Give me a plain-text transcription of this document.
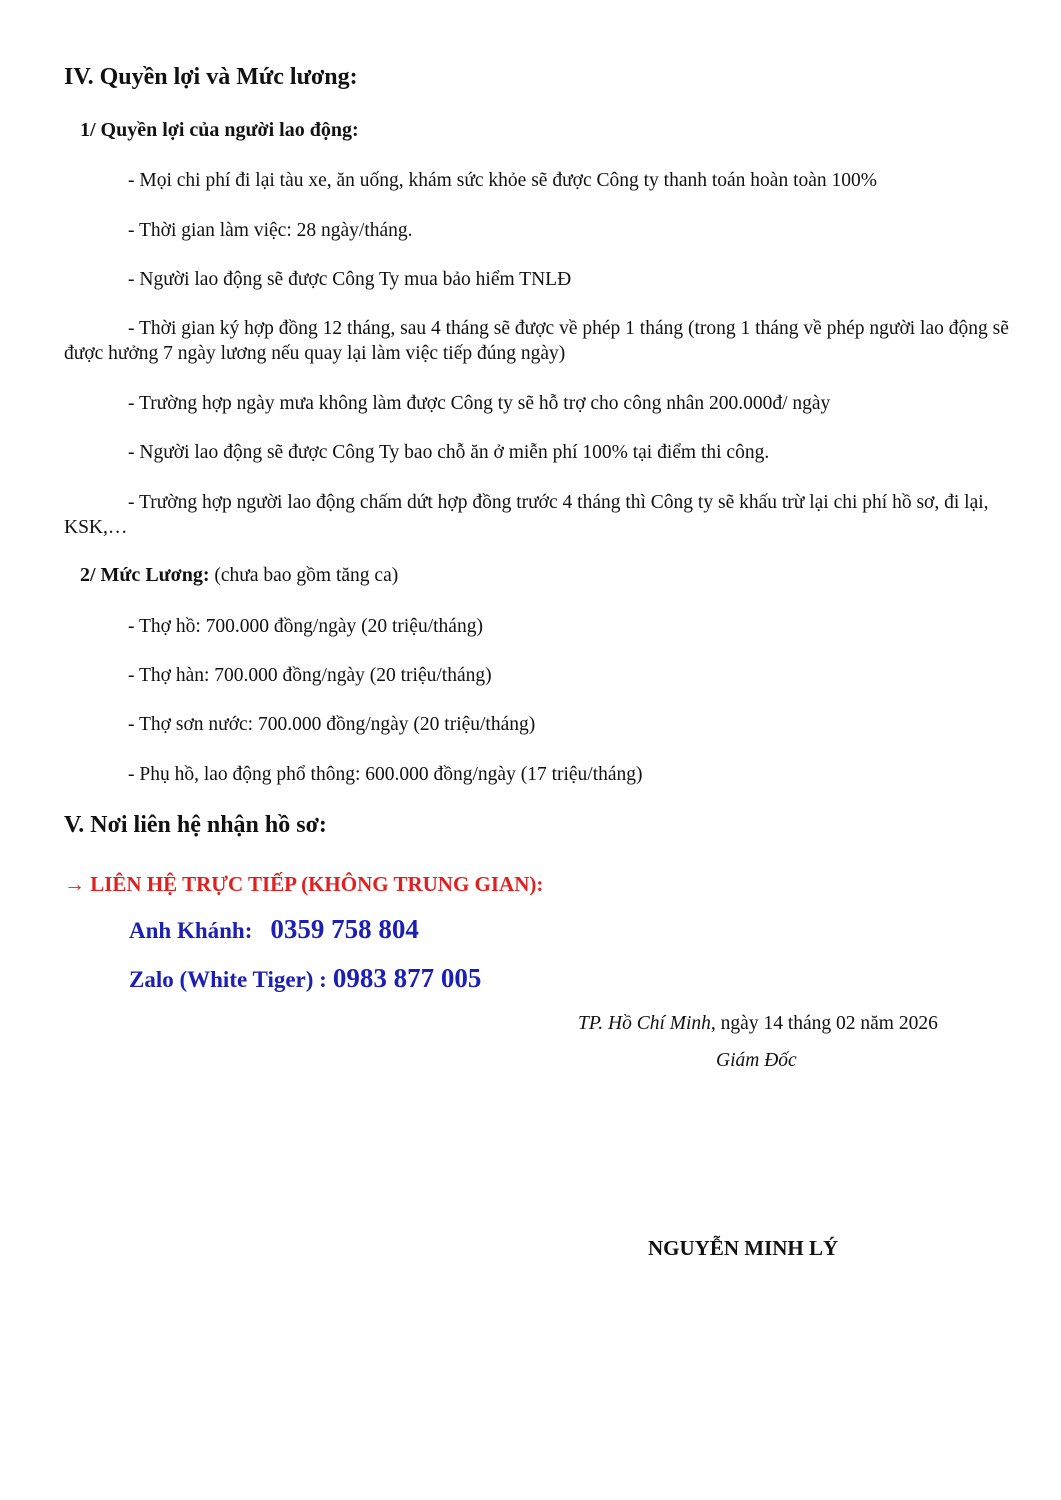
IV. Quyền lợi và Mức lương:
1/ Quyền lợi của người lao động:
- Mọi chi phí đi lại tàu xe, ăn uống, khám sức khỏe sẽ được Công ty thanh toán hoàn toàn 100%
- Thời gian làm việc: 28 ngày/tháng.
- Người lao động sẽ được Công Ty mua bảo hiểm TNLĐ
- Thời gian ký hợp đồng 12 tháng, sau 4 tháng sẽ được về phép 1 tháng (trong 1 tháng về phép người lao động sẽ được hưởng 7 ngày lương nếu quay lại làm việc tiếp đúng ngày)
- Trường hợp ngày mưa không làm được Công ty sẽ hỗ trợ cho công nhân 200.000đ/ ngày
- Người lao động sẽ được Công Ty bao chỗ ăn ở miễn phí 100% tại điểm thi công.
- Trường hợp người lao động chấm dứt hợp đồng trước 4 tháng thì Công ty sẽ khấu trừ lại chi phí hồ sơ, đi lại, KSK,…
2/ Mức Lương: (chưa bao gồm tăng ca)
- Thợ hồ: 700.000 đồng/ngày (20 triệu/tháng)
- Thợ hàn: 700.000 đồng/ngày (20 triệu/tháng)
- Thợ sơn nước: 700.000 đồng/ngày (20 triệu/tháng)
- Phụ hồ, lao động phổ thông: 600.000 đồng/ngày (17 triệu/tháng)
V. Nơi liên hệ nhận hồ sơ:
→ LIÊN HỆ TRỰC TIẾP (KHÔNG TRUNG GIAN):
Anh Khánh: 0359 758 804
Zalo (White Tiger) : 0983 877 005
TP. Hồ Chí Minh, ngày 14 tháng 02 năm 2026
Giám Đốc
NGUYỄN MINH LÝ
